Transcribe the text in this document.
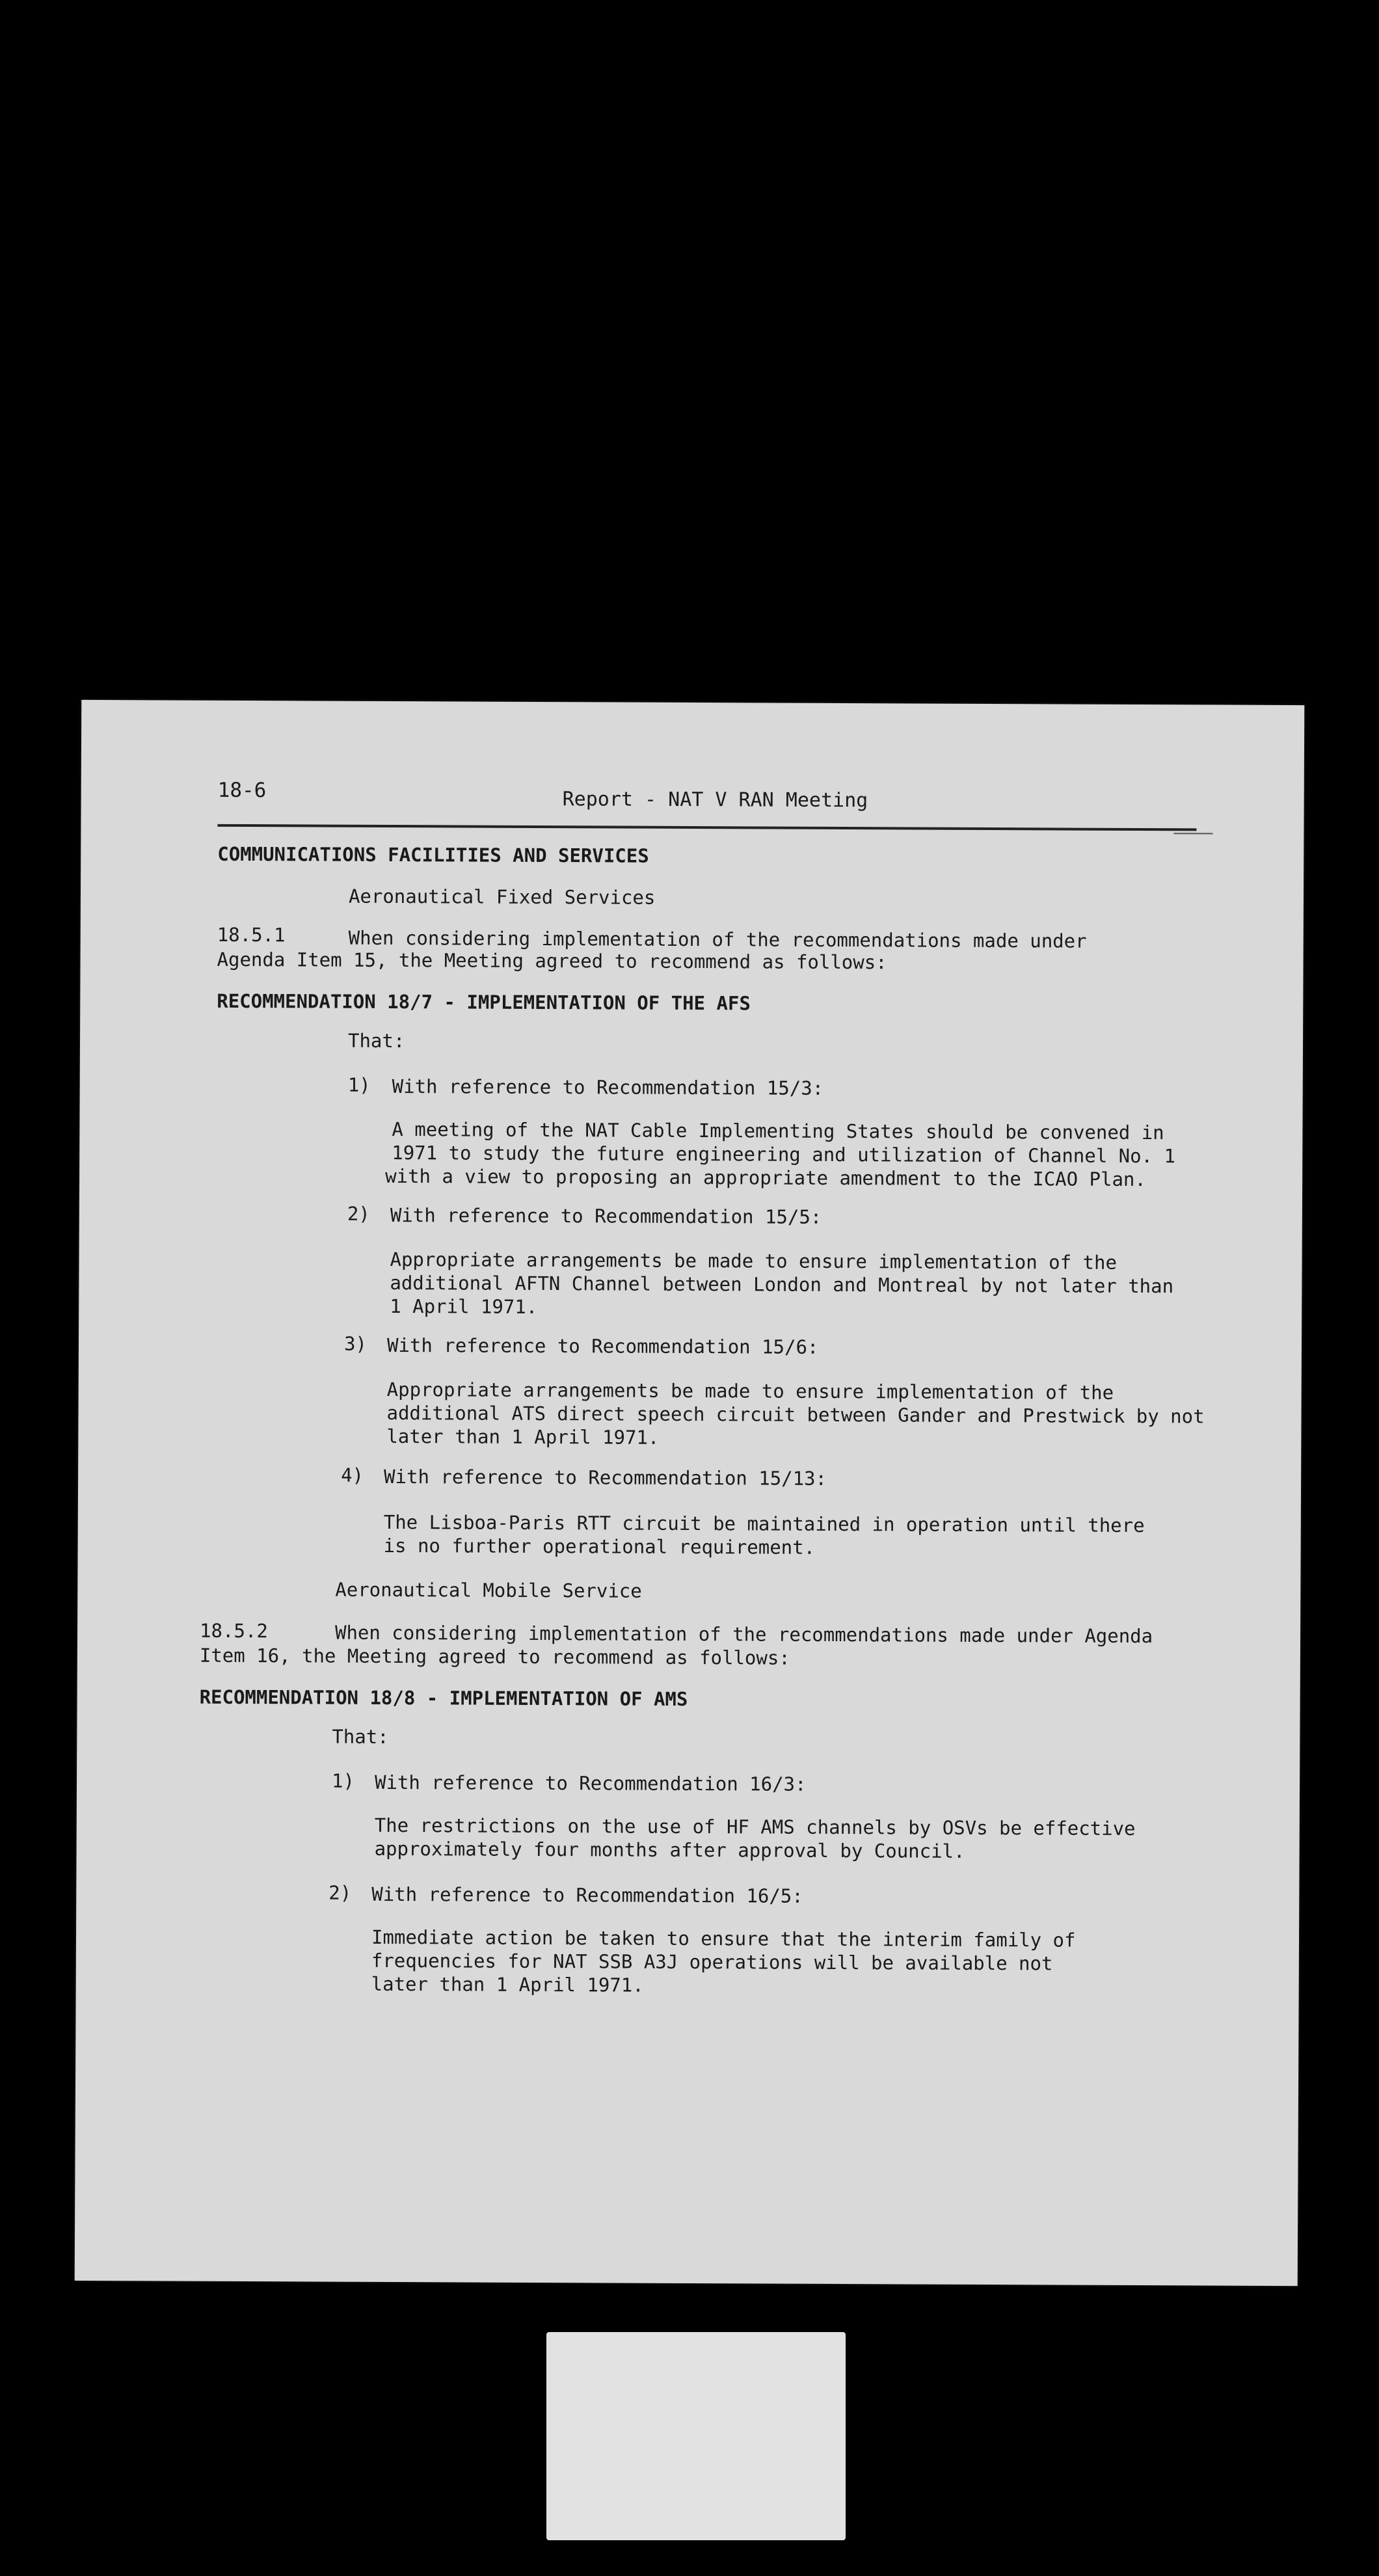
18-6	Report - NAT V RAN Meeting
COMMUNICATIONS FACILITIES AND SERVICES
Aeronautical Fixed Services
18.5.1	When considering implementation of the recommendations made under
Agenda Item 15, the Meeting agreed to recommend as follows:
RECOMMENDATION 18/7 - IMPLEMENTATION OF THE AFS
That:
1) With reference to Recommendation 15/3:
A meeting of the NAT Cable Implementing States should be convened in
1971 to study the future engineering and utilization of Channel No. 1
with a view to proposing an appropriate amendment to the ICAO Plan.
2) With reference to Recommendation 15/5:
Appropriate arrangements be made to ensure implementation of the
additional AFTN Channel between London and Montreal by not later than
1 April 1971.
3) With reference to Recommendation 15/6:
Appropriate arrangements be made to ensure implementation of the
additional ATS direct speech circuit between Gander and Prestwick by not
later than 1 April 1971.
4) With reference to Recommendation 15/13:
The Lisboa-Paris RTT circuit be maintained in operation until there
is no further operational requirement.
Aeronautical Mobile Service
18.5.2	When considering implementation of the recommendations made under Agenda
Item 16, the Meeting agreed to recommend as follows:
RECOMMENDATION 18/8 - IMPLEMENTATION OF AMS
That:
1) With reference to Recommendation 16/3:
The restrictions on the use of HF AMS channels by OSVs be effective
approximately four months after approval by Council.
2) With reference to Recommendation 16/5:
Immediate action be taken to ensure that the interim family of
frequencies for NAT SSB A3J operations will be available not
later than 1 April 1971.
